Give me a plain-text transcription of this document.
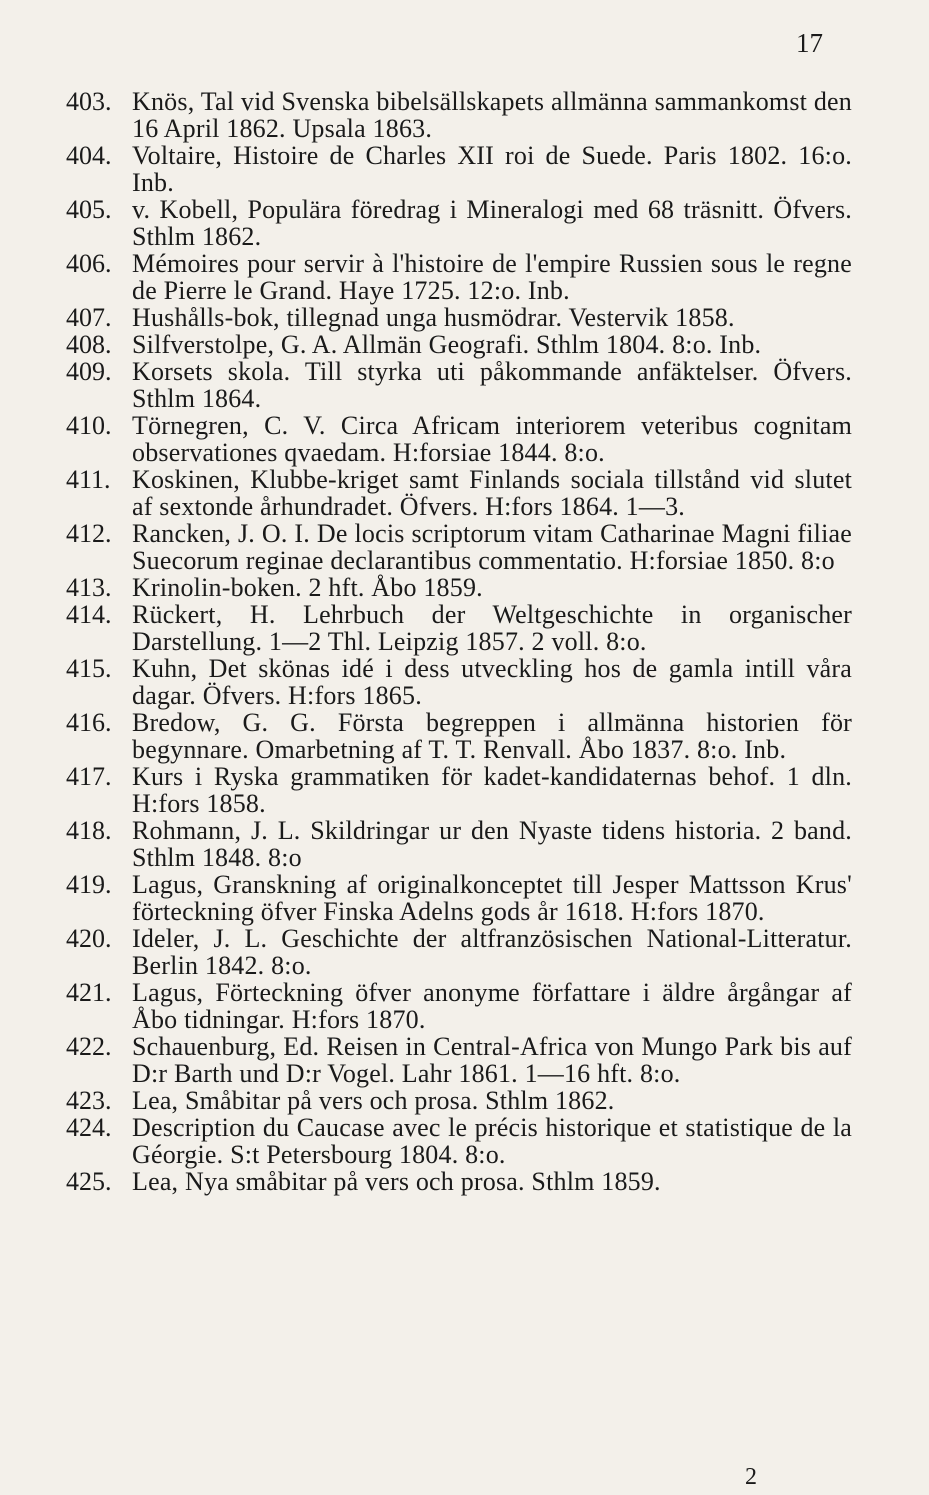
17
403. Knös, Tal vid Svenska bibelsällskapets allmänna sammankomst den 16 April 1862. Upsala 1863.
404. Voltaire, Histoire de Charles XII roi de Suede. Paris 1802. 16:o. Inb.
405. v. Kobell, Populära föredrag i Mineralogi med 68 träsnitt. Öfvers. Sthlm 1862.
406. Mémoires pour servir à l'histoire de l'empire Russien sous le regne de Pierre le Grand. Haye 1725. 12:o. Inb.
407. Hushålls-bok, tillegnad unga husmödrar. Vestervik 1858.
408. Silfverstolpe, G. A. Allmän Geografi. Sthlm 1804. 8:o. Inb.
409. Korsets skola. Till styrka uti påkommande anfäktelser. Öfvers. Sthlm 1864.
410. Törnegren, C. V. Circa Africam interiorem veteribus cognitam observationes qvaedam. H:forsiae 1844. 8:o.
411. Koskinen, Klubbe-kriget samt Finlands sociala tillstånd vid slutet af sextonde århundradet. Öfvers. H:fors 1864. 1—3.
412. Rancken, J. O. I. De locis scriptorum vitam Catharinae Magni filiae Suecorum reginae declarantibus commentatio. H:forsiae 1850. 8:o
413. Krinolin-boken. 2 hft. Åbo 1859.
414. Rückert, H. Lehrbuch der Weltgeschichte in organischer Darstellung. 1—2 Thl. Leipzig 1857. 2 voll. 8:o.
415. Kuhn, Det skönas idé i dess utveckling hos de gamla intill våra dagar. Öfvers. H:fors 1865.
416. Bredow, G. G. Första begreppen i allmänna historien för begynnare. Omarbetning af T. T. Renvall. Åbo 1837. 8:o. Inb.
417. Kurs i Ryska grammatiken för kadet-kandidaternas behof. 1 dln. H:fors 1858.
418. Rohmann, J. L. Skildringar ur den Nyaste tidens historia. 2 band. Sthlm 1848. 8:o
419. Lagus, Granskning af originalkonceptet till Jesper Mattsson Krus' förteckning öfver Finska Adelns gods år 1618. H:fors 1870.
420. Ideler, J. L. Geschichte der altfranzösischen National-Litteratur. Berlin 1842. 8:o.
421. Lagus, Förteckning öfver anonyme författare i äldre årgångar af Åbo tidningar. H:fors 1870.
422. Schauenburg, Ed. Reisen in Central-Africa von Mungo Park bis auf D:r Barth und D:r Vogel. Lahr 1861. 1—16 hft. 8:o.
423. Lea, Småbitar på vers och prosa. Sthlm 1862.
424. Description du Caucase avec le précis historique et statistique de la Géorgie. S:t Petersbourg 1804. 8:o.
425. Lea, Nya småbitar på vers och prosa. Sthlm 1859.
2
